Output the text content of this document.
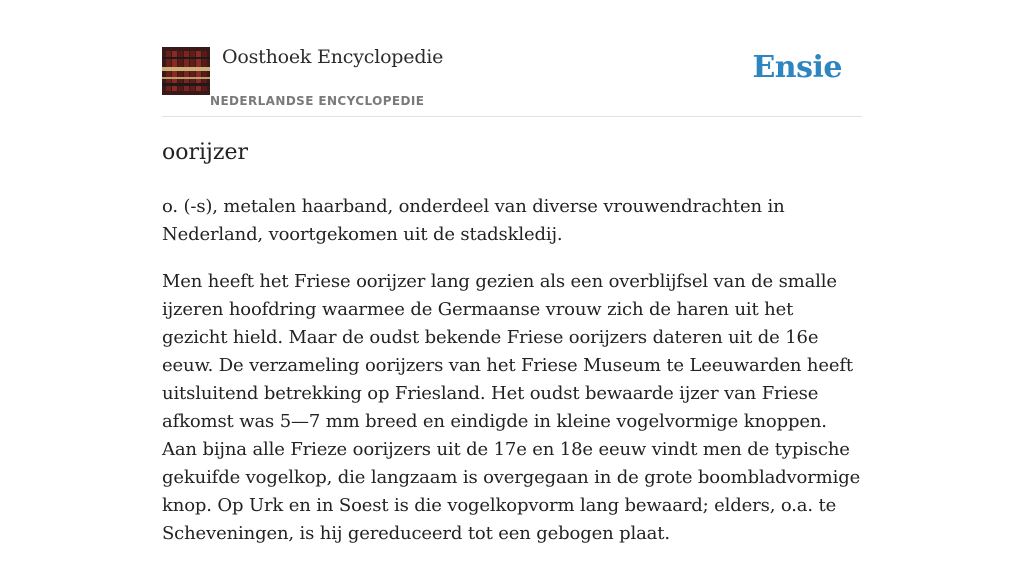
Oosthoek Encyclopedie
NEDERLANDSE ENCYCLOPEDIE
Ensie
oorijzer

o. (-s), metalen haarband, onderdeel van diverse vrouwendrachten in Nederland, voortgekomen uit de stadskledij.

Men heeft het Friese oorijzer lang gezien als een overblijfsel van de smalle ijzeren hoofdring waarmee de Germaanse vrouw zich de haren uit het gezicht hield. Maar de oudst bekende Friese oorijzers dateren uit de 16e eeuw. De verzameling oorijzers van het Friese Museum te Leeuwarden heeft uitsluitend betrekking op Friesland. Het oudst bewaarde ijzer van Friese afkomst was 5—7 mm breed en eindigde in kleine vogelvormige knoppen. Aan bijna alle Frieze oorijzers uit de 17e en 18e eeuw vindt men de typische gekuifde vogelkop, die langzaam is overgegaan in de grote boombladvormige knop. Op Urk en in Soest is die vogelkopvorm lang bewaard; elders, o.a. te Scheveningen, is hij gereduceerd tot een gebogen plaat.
